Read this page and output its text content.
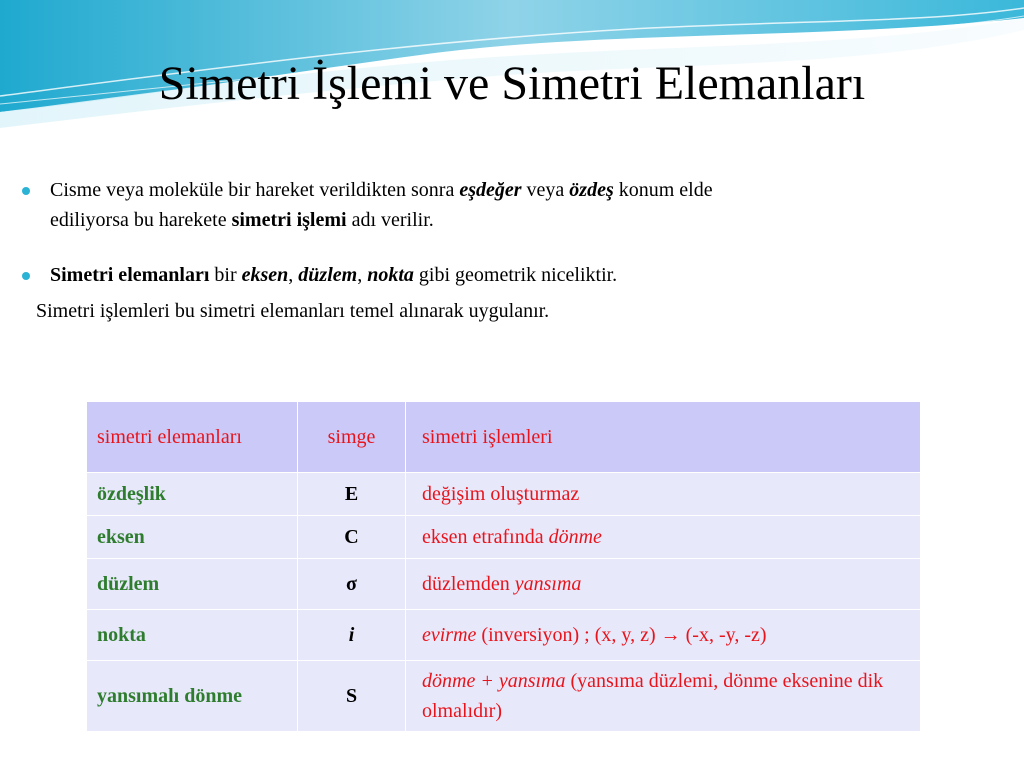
Simetri İşlemi ve Simetri Elemanları
Cisme veya moleküle bir hareket verildikten sonra eşdeğer veya özdeş konum elde
ediliyorsa bu harekete simetri işlemi adı verilir.
Simetri elemanları bir eksen, düzlem, nokta gibi geometrik niceliktir.
Simetri işlemleri bu simetri elemanları temel alınarak uygulanır.
simetri elemanları	simge	simetri işlemleri
özdeşlik	E	değişim oluşturmaz
eksen	C	eksen etrafında dönme
düzlem	σ	düzlemden yansıma
nokta	i	evirme (inversiyon) ; (x, y, z) → (-x, -y, -z)
yansımalı dönme	S	dönme + yansıma (yansıma düzlemi, dönme eksenine dik olmalıdır)
